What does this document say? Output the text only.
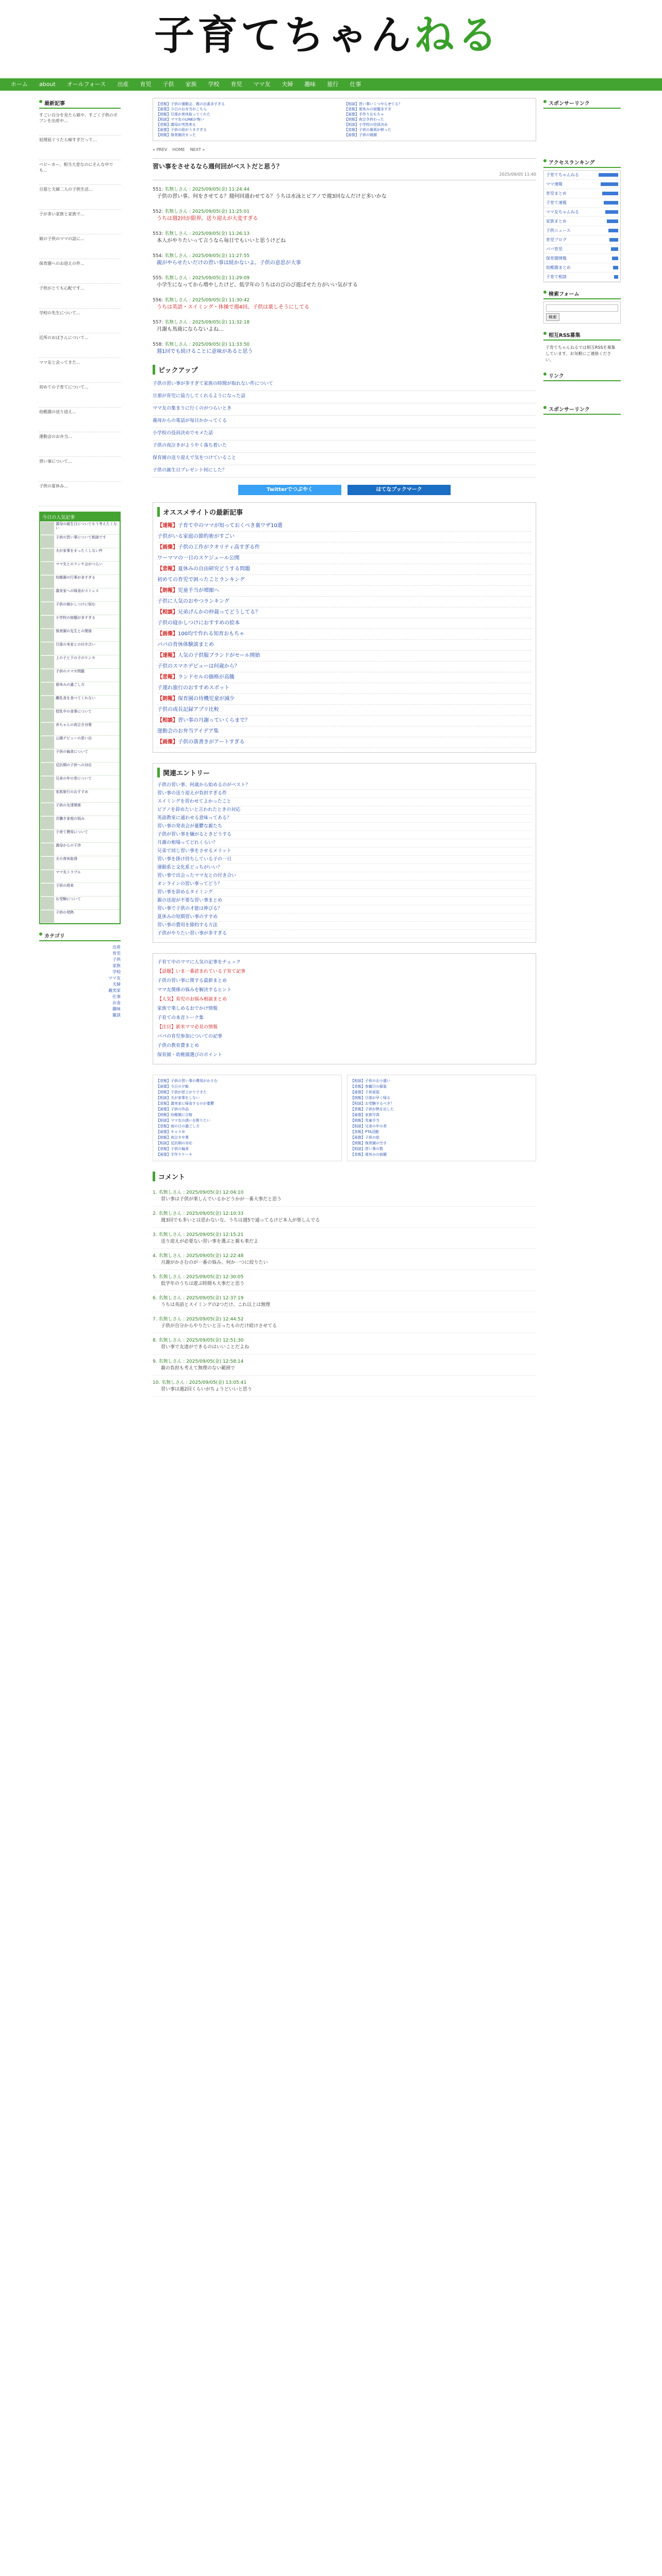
子育てちゃんねる
ホーム	about	オールフォース	出産	育児	子供	家族	学校	育児	ママ友	夫婦	趣味	旅行	仕事
最新記事
すごい自分を見たら娘や、すごく子供のポプンを出産中...
屁理屈ぐうたら痴すぎだって...
ベビーカー、相当大変なのにそんな中でも...
旦那と夫婦二人の子供生活...
子が多い家族と家族で...
娘の子供のママの話に...
保育園へのお迎えの件...
子供がとても心配です...
学校の先生について...
近所のおばさんについて...
ママ友と会ってきた...
初めての子育てについて...
幼稚園の送り迎え...
運動会のお弁当...
習い事について...
子供の夏休み...
今日の人気記事
義母の誕生日についてもう考えたくない
子供の習い事について相談です
夫が家事をまったくしない件
ママ友とのランチ会がつらい
幼稚園の行事が多すぎる
義実家への帰省がストレス
子供の寝かしつけに悩む
小学校の宿題が多すぎる
保育園の先生との関係
旦那の実家との付き合い
上の子と下の子のケンカ
子供のスマホ問題
夏休みの過ごし方
離乳食を食べてくれない
授乳中の食事について
赤ちゃんの夜泣き対策
公園デビューの思い出
子供の偏食について
反抗期の子供への対応
兄弟の年の差について
家族旅行のおすすめ
子供の友達関係
共働き家庭の悩み
子育て費用について
義母からの干渉
夫の育休取得
ママ友トラブル
子供の将来
お受験について
子供の発熱
カテゴリ
出産
育児
子供
家族
学校
ママ友
夫婦
義実家
仕事
お金
趣味
雑談
【悲報】子供の運動会、親の出番多すぎる
【画像】今日のお弁当がこちら
【朗報】旦那が育休取ってくれた
【相談】ママ友のLINEが怖い
【悲報】義母が突然来る
【画像】子供の絵がうますぎる
【朗報】保育園決まった
【相談】習い事いくつやらせてる？
【悲報】夏休みの宿題多すぎ
【画像】手作りおもちゃ
【朗報】夜泣き終わった
【相談】小学校の役員決め
【悲報】子供の風邪が移った
【画像】子供の寝顔
« PREV HOME NEXT »
習い事をさせるなら週何回がベストだと思う？
2025/09/05 11:40
551: 名無しさん : 2025/09/05(金) 11:24:44
子供の習い事、何をさせてる？週何回通わせてる？うちは水泳とピアノで週3回なんだけど多いかな
552: 名無しさん : 2025/09/05(金) 11:25:01
うちは週2回が限界。送り迎えが大変すぎる
553: 名無しさん : 2025/09/05(金) 11:26:13
本人がやりたいって言うなら毎日でもいいと思うけどね
554: 名無しさん : 2025/09/05(金) 11:27:55
親がやらせたいだけの習い事は続かないよ。子供の意思が大事
555: 名無しさん : 2025/09/05(金) 11:29:09
小学生になってから増やしたけど、低学年のうちはのびのび遊ばせた方がいい気がする
556: 名無しさん : 2025/09/05(金) 11:30:42
うちは英語・スイミング・体操で週4回。子供は楽しそうにしてる
557: 名無しさん : 2025/09/05(金) 11:32:18
月謝も馬鹿にならないよね…
558: 名無しさん : 2025/09/05(金) 11:33:50
週1回でも続けることに意味があると思う
ピックアップ
子供の習い事が多すぎて家族の時間が取れない件について
旦那が育児に協力してくれるようになった話
ママ友の集まりに行くのがつらいとき
義母からの電話が毎日かかってくる
小学校の役員決めでモメた話
子供の夜泣きがようやく落ち着いた
保育園の送り迎えで気をつけていること
子供の誕生日プレゼント何にした？
Twitterでつぶやく	はてなブックマーク
オススメサイトの最新記事
【速報】子育て中のママが知っておくべき裏ワザ10選
子供がいる家庭の節約術がすごい
【画像】子供の工作がクオリティ高すぎる件
ワーママの一日のスケジュール公開
【悲報】夏休みの自由研究どうする問題
初めての育児で困ったことランキング
【朗報】児童手当が増額へ
子供に人気のおやつランキング
【相談】兄弟げんかの仲裁ってどうしてる？
子供の寝かしつけにおすすめの絵本
【画像】100均で作れる知育おもちゃ
パパの育休体験談まとめ
【速報】人気の子供服ブランドがセール開始
子供のスマホデビューは何歳から？
【悲報】ランドセルの価格が高騰
子連れ旅行のおすすめスポット
【朗報】保育園の待機児童が減少
子供の成長記録アプリ比較
【相談】習い事の月謝っていくらまで？
運動会のお弁当アイデア集
【画像】子供の落書きがアートすぎる
関連エントリー
子供の習い事、何歳から始めるのがベスト？
習い事の送り迎えが負担すぎる件
スイミングを習わせてよかったこと
ピアノを辞めたいと言われたときの対応
英語教室に通わせる意味ってある？
習い事の発表会が憂鬱な親たち
子供が習い事を嫌がるときどうする
月謝の相場ってどれくらい？
兄弟で同じ習い事をさせるメリット
習い事を掛け持ちしている子の一日
運動系と文化系どっちがいい？
習い事で出会ったママ友との付き合い
オンラインの習い事ってどう？
習い事を辞めるタイミング
親の送迎が不要な習い事まとめ
習い事で子供の才能は伸びる？
夏休みの短期習い事のすすめ
習い事の費用を節約する方法
子供がやりたい習い事が多すぎる
子育て中のママに人気の記事をチェック
【話題】いま一番読まれている子育て記事
子供の習い事に関する最新まとめ
ママ友関係の悩みを解決するヒント
【人気】育児のお悩み相談まとめ
家族で楽しめるおでかけ情報
子育ての本音トーク集
【注目】新米ママ必見の情報
パパの育児参加についての記事
子供の教育費まとめ
保育園・幼稚園選びのポイント
【悲報】子供の習い事の費用がかさむ
【画像】今日の夕飯
【朗報】子供が逆上がりできた
【相談】夫が家事をしない
【悲報】義実家に帰省するのが憂鬱
【画像】子供の作品
【朗報】幼稚園に合格
【相談】ママ友の誘いを断りたい
【悲報】雨の日の過ごし方
【画像】キャラ弁
【朗報】夜泣き卒業
【相談】反抗期の対応
【悲報】子供の偏食
【画像】手作りケーキ
【相談】子供のお小遣い
【悲報】参観日の服装
【画像】子供部屋
【朗報】旦那が早く帰る
【相談】お受験するべき？
【悲報】子供が熱を出した
【画像】家族写真
【朗報】児童手当
【相談】兄弟の年の差
【悲報】PTA活動
【画像】子供の絵
【朗報】保育園の空き
【相談】習い事の数
【悲報】夏休みの宿題
コメント
1. 名無しさん : 2025/09/05(金) 12:04:10
習い事は子供が楽しんでいるかどうかが一番大事だと思う
2. 名無しさん : 2025/09/05(金) 12:10:33
週3回でも多いとは思わないな。うちは週5で通ってるけど本人が楽しんでる
3. 名無しさん : 2025/09/05(金) 12:15:21
送り迎えが必要ない習い事を選ぶと親も楽だよ
4. 名無しさん : 2025/09/05(金) 12:22:48
月謝がかさむのが一番の悩み。何か一つに絞りたい
5. 名無しさん : 2025/09/05(金) 12:30:05
低学年のうちは遊ぶ時間も大事だと思う
6. 名無しさん : 2025/09/05(金) 12:37:19
うちは英語とスイミングの2つだけ。これ以上は無理
7. 名無しさん : 2025/09/05(金) 12:44:52
子供が自分からやりたいと言ったものだけ続けさせてる
8. 名無しさん : 2025/09/05(金) 12:51:30
習い事で友達ができるのはいいことだよね
9. 名無しさん : 2025/09/05(金) 12:58:14
親の負担も考えて無理のない範囲で
10. 名無しさん : 2025/09/05(金) 13:05:41
習い事は週2回くらいがちょうどいいと思う
スポンサーリンク
アクセスランキング
子育てちゃんねる
ママ速報
育児まとめ
子育て速報
ママ友ちゃんねる
家族まとめ
子供ニュース
育児ブログ
パパ育児
保育園情報
幼稚園まとめ
子育て相談
検索フォーム
検索
相互RSS募集
子育てちゃんねるでは相互RSSを募集しています。お気軽にご連絡ください。
リンク
スポンサーリンク
